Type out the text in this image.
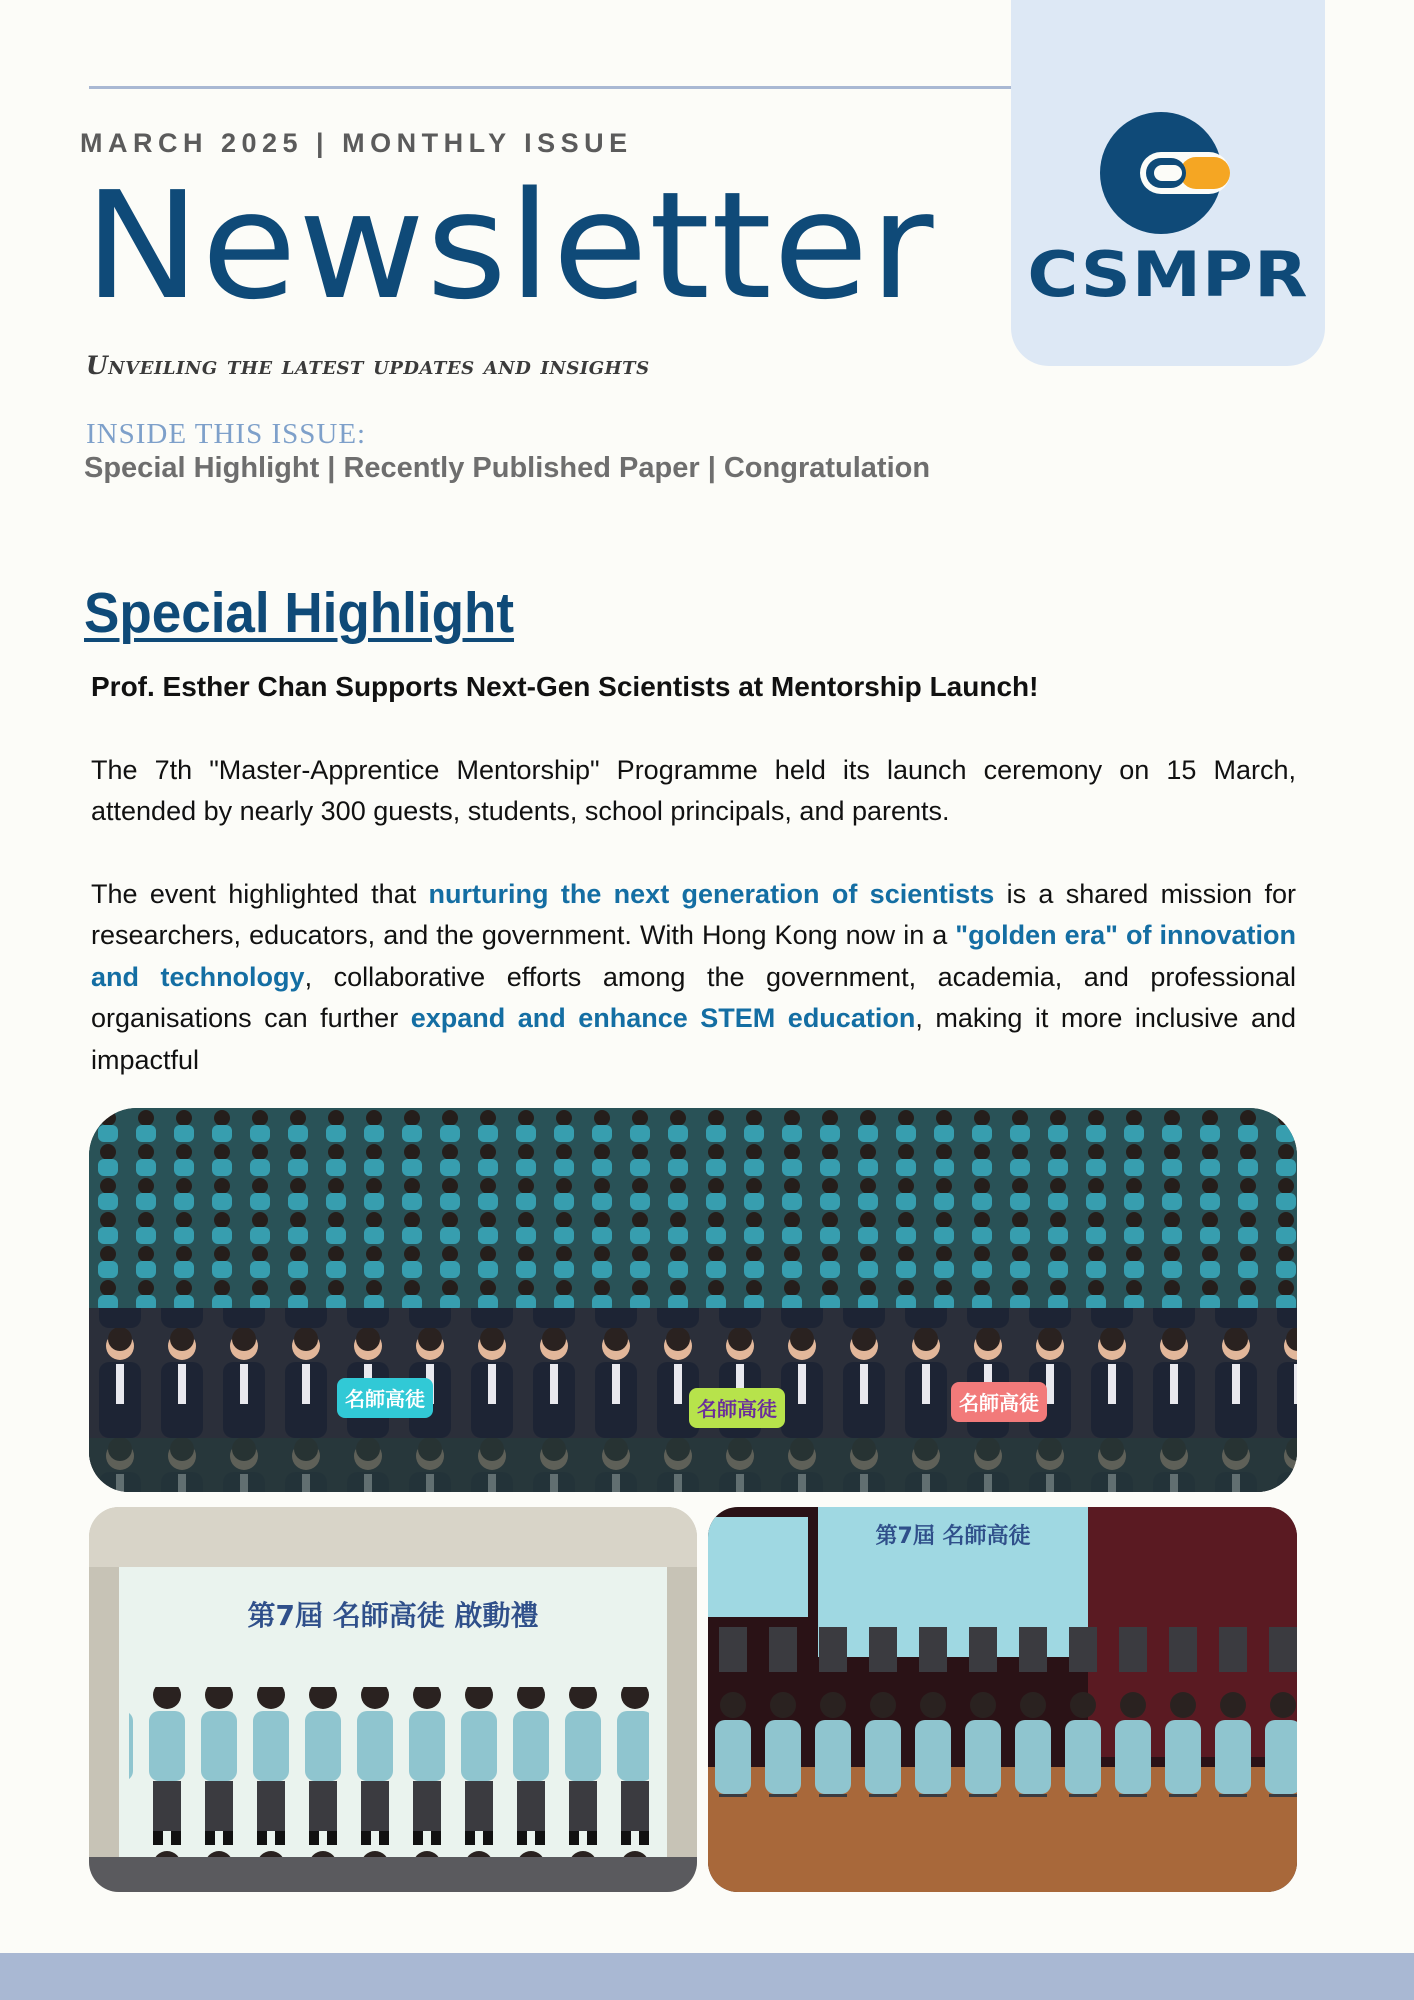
CSMPR
MARCH 2025 | MONTHLY ISSUE
Newsletter
Unveiling the latest updates and insights
INSIDE THIS ISSUE:
Special Highlight | Recently Published Paper | Congratulation
Special Highlight
Prof. Esther Chan Supports Next-Gen Scientists at Mentorship Launch!

The 7th "Master-Apprentice Mentorship" Programme held its launch ceremony on 15 March, attended by nearly 300 guests, students, school principals, and parents.

The event highlighted that nurturing the next generation of scientists is a shared mission for researchers, educators, and the government. With Hong Kong now in a "golden era" of innovation and technology, collaborative efforts among the government, academia, and professional organisations can further expand and enhance STEM education, making it more inclusive and impactful

名師高徒	名師高徒	名師高徒
第7屆 名師高徒 啟動禮
第7屆 名師高徒
